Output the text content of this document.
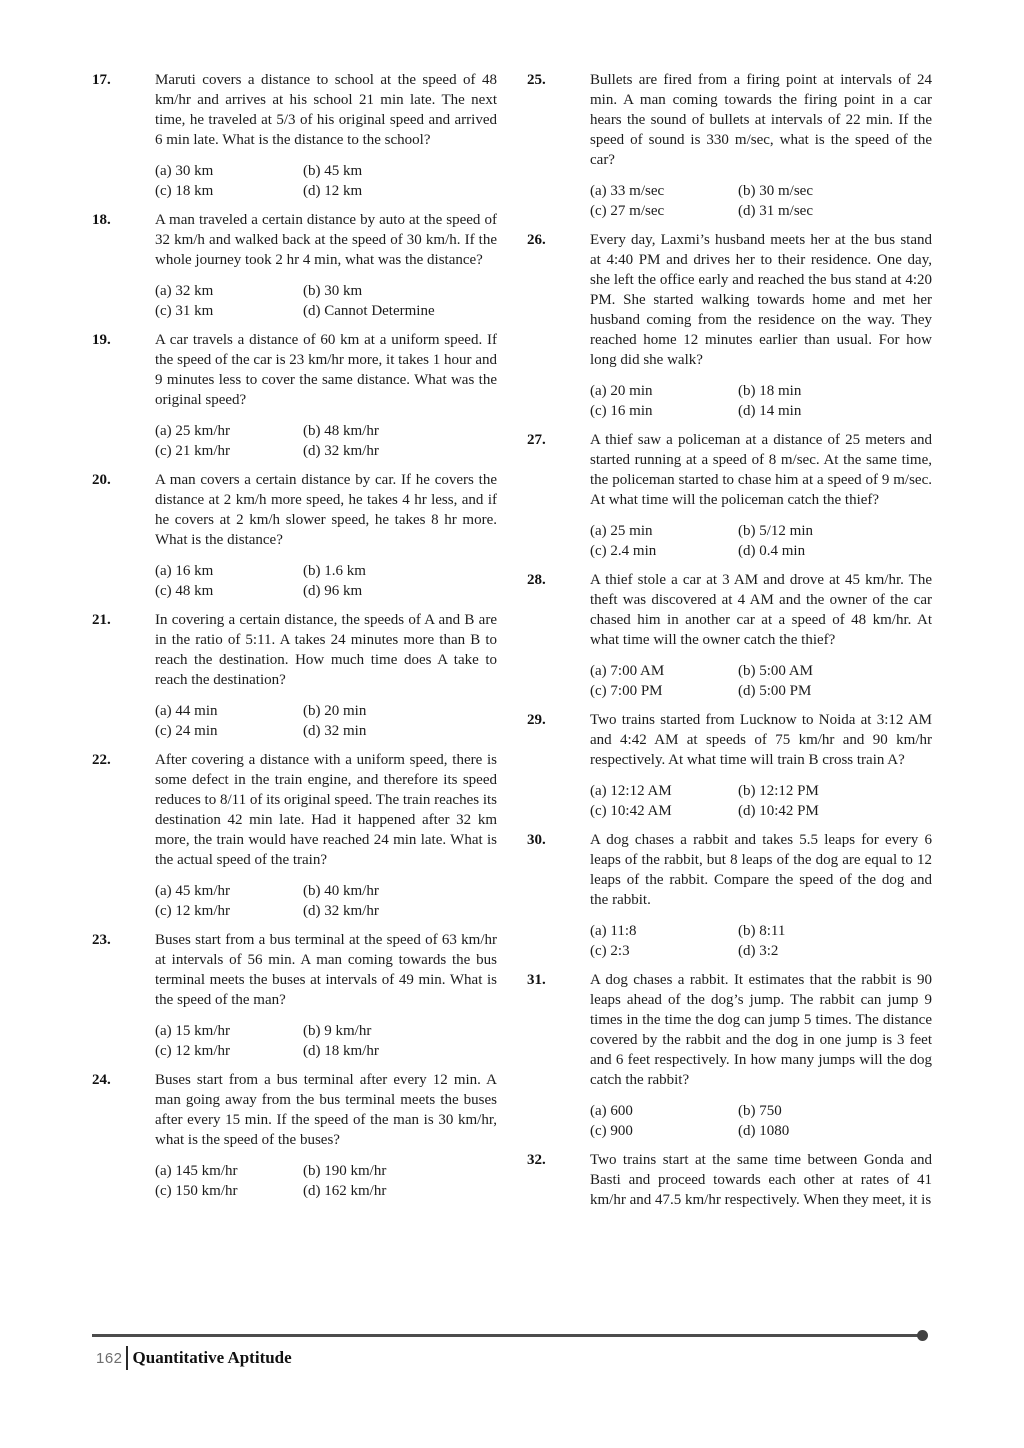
17.	Maruti covers a distance to school at the speed of 48 km/hr and arrives at his school 21 min late. The next time, he traveled at 5/3 of his original speed and arrived 6 min late. What is the distance to the school?

(a) 30 km	(b) 45 km
(c) 18 km	(d) 12 km
18.	A man traveled a certain distance by auto at the speed of 32 km/h and walked back at the speed of 30 km/h. If the whole journey took 2 hr 4 min, what was the distance?

(a) 32 km	(b) 30 km
(c) 31 km	(d) Cannot Determine
19.	A car travels a distance of 60 km at a uniform speed. If the speed of the car is 23 km/hr more, it takes 1 hour and 9 minutes less to cover the same distance. What was the original speed?

(a) 25 km/hr	(b) 48 km/hr
(c) 21 km/hr	(d) 32 km/hr
20.	A man covers a certain distance by car. If he covers the distance at 2 km/h more speed, he takes 4 hr less, and if he covers at 2 km/h slower speed, he takes 8 hr more. What is the distance?

(a) 16 km	(b) 1.6 km
(c) 48 km	(d) 96 km
21.	In covering a certain distance, the speeds of A and B are in the ratio of 5:11. A takes 24 minutes more than B to reach the destination. How much time does A take to reach the destination?

(a) 44 min	(b) 20 min
(c) 24 min	(d) 32 min
22.	After covering a distance with a uniform speed, there is some defect in the train engine, and therefore its speed reduces to 8/11 of its original speed. The train reaches its destination 42 min late. Had it happened after 32 km more, the train would have reached 24 min late. What is the actual speed of the train?

(a) 45 km/hr	(b) 40 km/hr
(c) 12 km/hr	(d) 32 km/hr
23.	Buses start from a bus terminal at the speed of 63 km/hr at intervals of 56 min. A man coming towards the bus terminal meets the buses at intervals of 49 min. What is the speed of the man?

(a) 15 km/hr	(b) 9 km/hr
(c) 12 km/hr	(d) 18 km/hr
24.	Buses start from a bus terminal after every 12 min. A man going away from the bus terminal meets the buses after every 15 min. If the speed of the man is 30 km/hr, what is the speed of the buses?

(a) 145 km/hr	(b) 190 km/hr
(c) 150 km/hr	(d) 162 km/hr
25.	Bullets are fired from a firing point at intervals of 24 min. A man coming towards the firing point in a car hears the sound of bullets at intervals of 22 min. If the speed of sound is 330 m/sec, what is the speed of the car?

(a) 33 m/sec	(b) 30 m/sec
(c) 27 m/sec	(d) 31 m/sec
26.	Every day, Laxmi’s husband meets her at the bus stand at 4:40 PM and drives her to their residence. One day, she left the office early and reached the bus stand at 4:20 PM. She started walking towards home and met her husband coming from the residence on the way. They reached home 12 minutes earlier than usual. For how long did she walk?

(a) 20 min	(b) 18 min
(c) 16 min	(d) 14 min
27.	A thief saw a policeman at a distance of 25 meters and started running at a speed of 8 m/sec. At the same time, the policeman started to chase him at a speed of 9 m/sec. At what time will the policeman catch the thief?

(a) 25 min	(b) 5/12 min
(c) 2.4 min	(d) 0.4 min
28.	A thief stole a car at 3 AM and drove at 45 km/hr. The theft was discovered at 4 AM and the owner of the car chased him in another car at a speed of 48 km/hr. At what time will the owner catch the thief?

(a) 7:00 AM	(b) 5:00 AM
(c) 7:00 PM	(d) 5:00 PM
29.	Two trains started from Lucknow to Noida at 3:12 AM and 4:42 AM at speeds of 75 km/hr and 90 km/hr respectively. At what time will train B cross train A?

(a) 12:12 AM	(b) 12:12 PM
(c) 10:42 AM	(d) 10:42 PM
30.	A dog chases a rabbit and takes 5.5 leaps for every 6 leaps of the rabbit, but 8 leaps of the dog are equal to 12 leaps of the rabbit. Compare the speed of the dog and the rabbit.

(a) 11:8	(b) 8:11
(c) 2:3	(d) 3:2
31.	A dog chases a rabbit. It estimates that the rabbit is 90 leaps ahead of the dog’s jump. The rabbit can jump 9 times in the time the dog can jump 5 times. The distance covered by the rabbit and the dog in one jump is 3 feet and 6 feet respectively. In how many jumps will the dog catch the rabbit?

(a) 600	(b) 750
(c) 900	(d) 1080
32.	Two trains start at the same time between Gonda and Basti and proceed towards each other at rates of 41 km/hr and 47.5 km/hr respectively. When they meet, it is

162 Quantitative Aptitude
